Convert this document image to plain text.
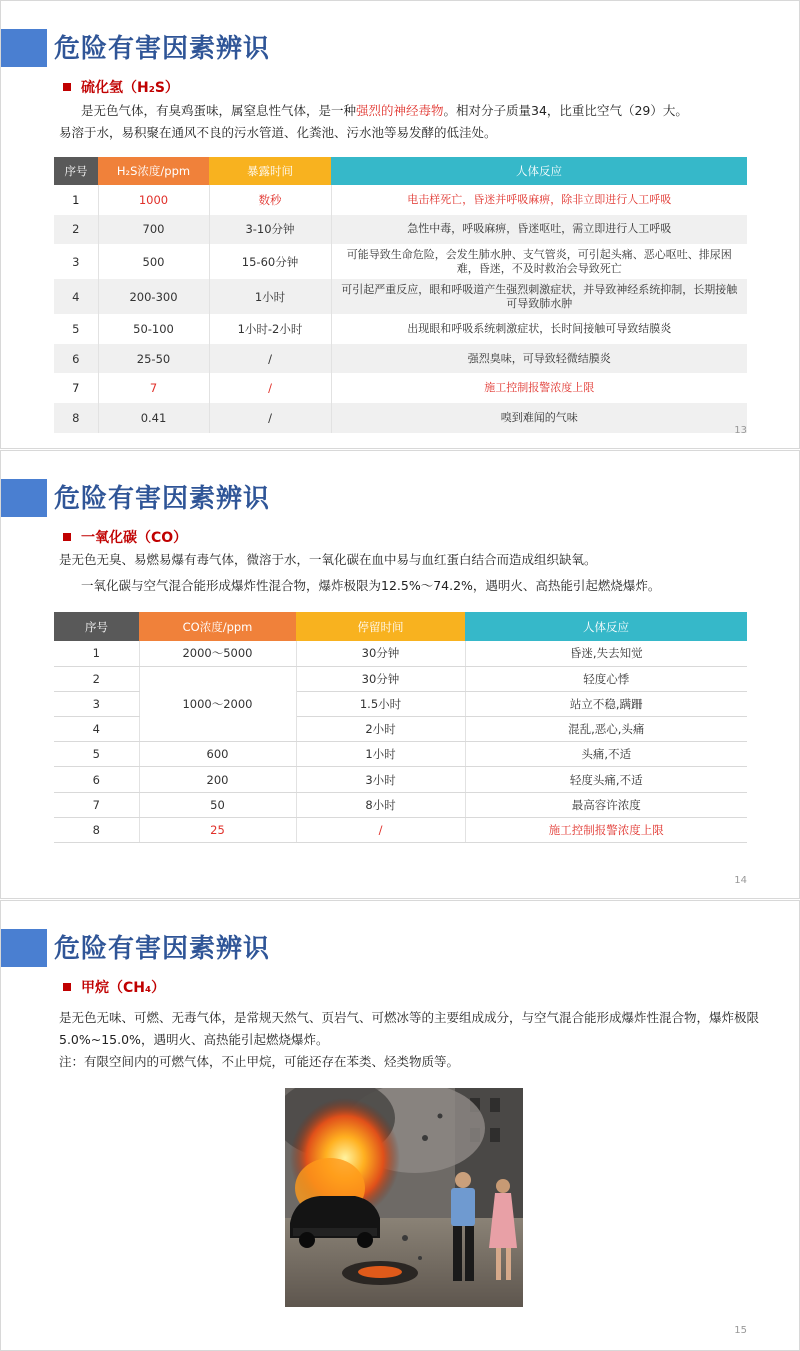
危险有害因素辨识
硫化氢（H₂S）
是无色气体，有臭鸡蛋味，属窒息性气体，是一种强烈的神经毒物。相对分子质量34，比重比空气（29）大。
易溶于水，易积聚在通风不良的污水管道、化粪池、污水池等易发酵的低洼处。
序号	H₂S浓度/ppm	暴露时间	人体反应
1	1000	数秒	电击样死亡，昏迷并呼吸麻痹，除非立即进行人工呼吸
2	700	3-10分钟	急性中毒，呼吸麻痹，昏迷呕吐，需立即进行人工呼吸
3	500	15-60分钟	可能导致生命危险，会发生肺水肿、支气管炎，可引起头痛、恶心呕吐、排尿困难，昏迷，不及时救治会导致死亡
4	200-300	1小时	可引起严重反应，眼和呼吸道产生强烈刺激症状，并导致神经系统抑制，长期接触可导致肺水肿
5	50-100	1小时-2小时	出现眼和呼吸系统刺激症状，长时间接触可导致结膜炎
6	25-50	/	强烈臭味，可导致轻微结膜炎
7	7	/	施工控制报警浓度上限
8	0.41	/	嗅到难闻的气味
13
危险有害因素辨识
一氧化碳（CO）
是无色无臭、易燃易爆有毒气体，微溶于水，一氧化碳在血中易与血红蛋白结合而造成组织缺氧。
一氧化碳与空气混合能形成爆炸性混合物，爆炸极限为12.5%～74.2%，遇明火、高热能引起燃烧爆炸。
序号	CO浓度/ppm	停留时间	人体反应
1	2000～5000	30分钟	昏迷,失去知觉
2	1000～2000	30分钟	轻度心悸
3		1.5小时	站立不稳,蹒跚
4		2小时	混乱,恶心,头痛
5	600	1小时	头痛,不适
6	200	3小时	轻度头痛,不适
7	50	8小时	最高容许浓度
8	25	/	施工控制报警浓度上限
14
危险有害因素辨识
甲烷（CH₄）
是无色无味、可燃、无毒气体，是常规天然气、页岩气、可燃冰等的主要组成成分，与空气混合能形成爆炸性混合物，爆炸极限5.0%~15.0%，遇明火、高热能引起燃烧爆炸。
注：有限空间内的可燃气体，不止甲烷，可能还存在苯类、烃类物质等。
15
